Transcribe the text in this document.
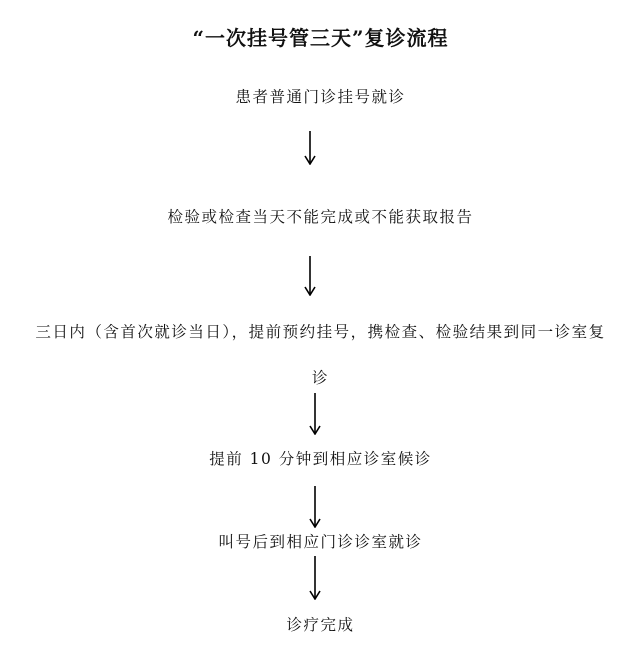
“一次挂号管三天”复诊流程
患者普通门诊挂号就诊
检验或检查当天不能完成或不能获取报告
三日内（含首次就诊当日），提前预约挂号，携检查、检验结果到同一诊室复诊
提前 10 分钟到相应诊室候诊
叫号后到相应门诊诊室就诊
诊疗完成
